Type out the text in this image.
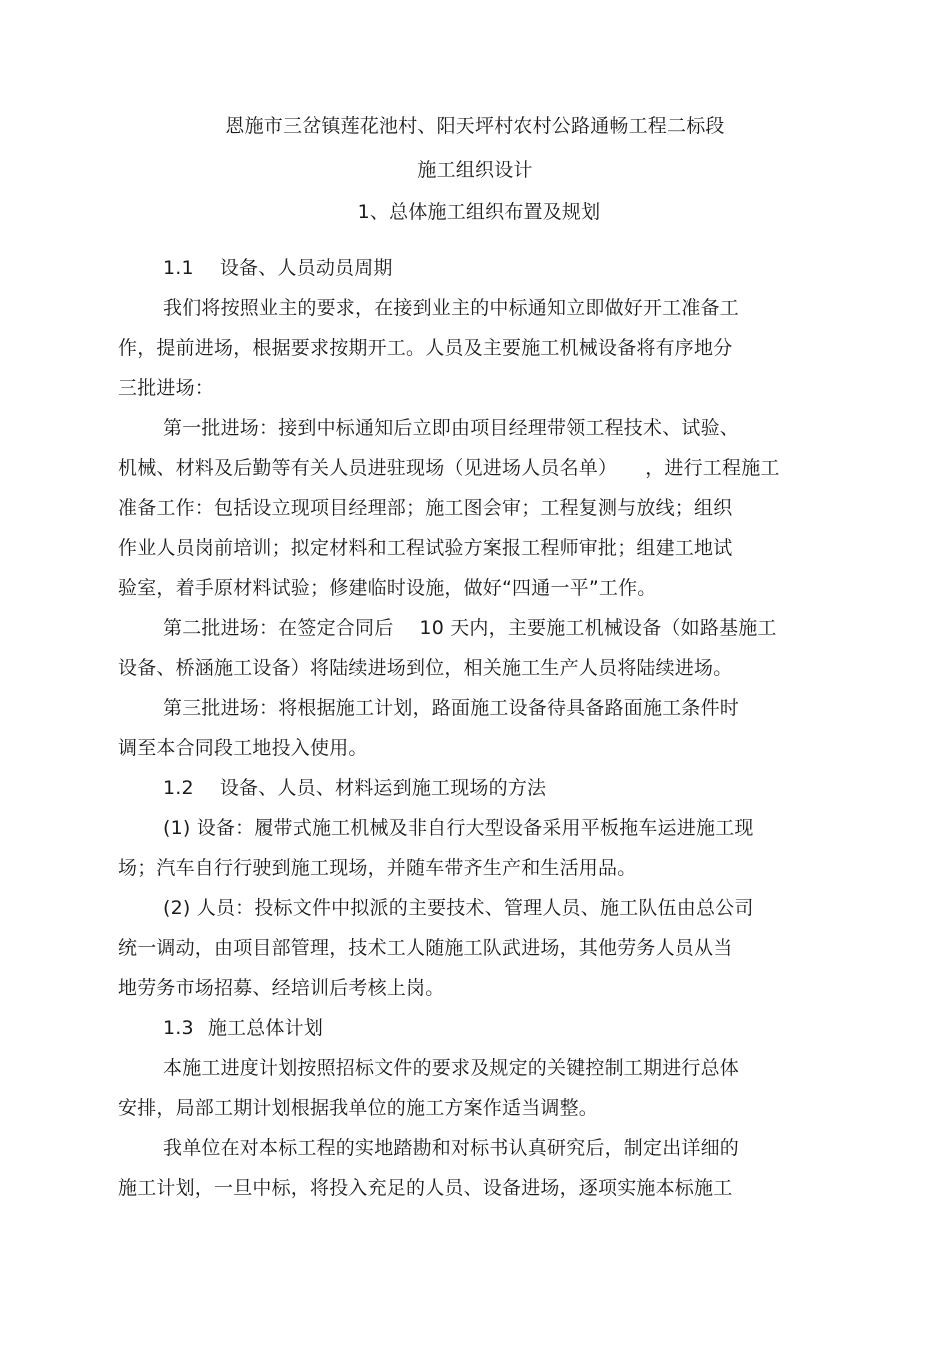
恩施市三岔镇莲花池村、阳天坪村农村公路通畅工程二标段
施工组织设计
1、总体施工组织布置及规划
1.1 设备、人员动员周期
我们将按照业主的要求，在接到业主的中标通知立即做好开工准备工
作，提前进场，根据要求按期开工。人员及主要施工机械设备将有序地分
三批进场：
第一批进场：接到中标通知后立即由项目经理带领工程技术、试验、
机械、材料及后勤等有关人员进驻现场（见进场人员名单） ，进行工程施工
准备工作：包括设立现项目经理部；施工图会审；工程复测与放线；组织
作业人员岗前培训；拟定材料和工程试验方案报工程师审批；组建工地试
验室，着手原材料试验；修建临时设施，做好“四通一平”工作。
第二批进场：在签定合同后 10 天内，主要施工机械设备（如路基施工
设备、桥涵施工设备）将陆续进场到位，相关施工生产人员将陆续进场。
第三批进场：将根据施工计划，路面施工设备待具备路面施工条件时
调至本合同段工地投入使用。
1.2 设备、人员、材料运到施工现场的方法
(1) 设备：履带式施工机械及非自行大型设备采用平板拖车运进施工现
场；汽车自行行驶到施工现场，并随车带齐生产和生活用品。
(2) 人员：投标文件中拟派的主要技术、管理人员、施工队伍由总公司
统一调动，由项目部管理，技术工人随施工队武进场，其他劳务人员从当
地劳务市场招募、经培训后考核上岗。
1.3 施工总体计划
本施工进度计划按照招标文件的要求及规定的关键控制工期进行总体
安排，局部工期计划根据我单位的施工方案作适当调整。
我单位在对本标工程的实地踏勘和对标书认真研究后，制定出详细的
施工计划，一旦中标，将投入充足的人员、设备进场，逐项实施本标施工
